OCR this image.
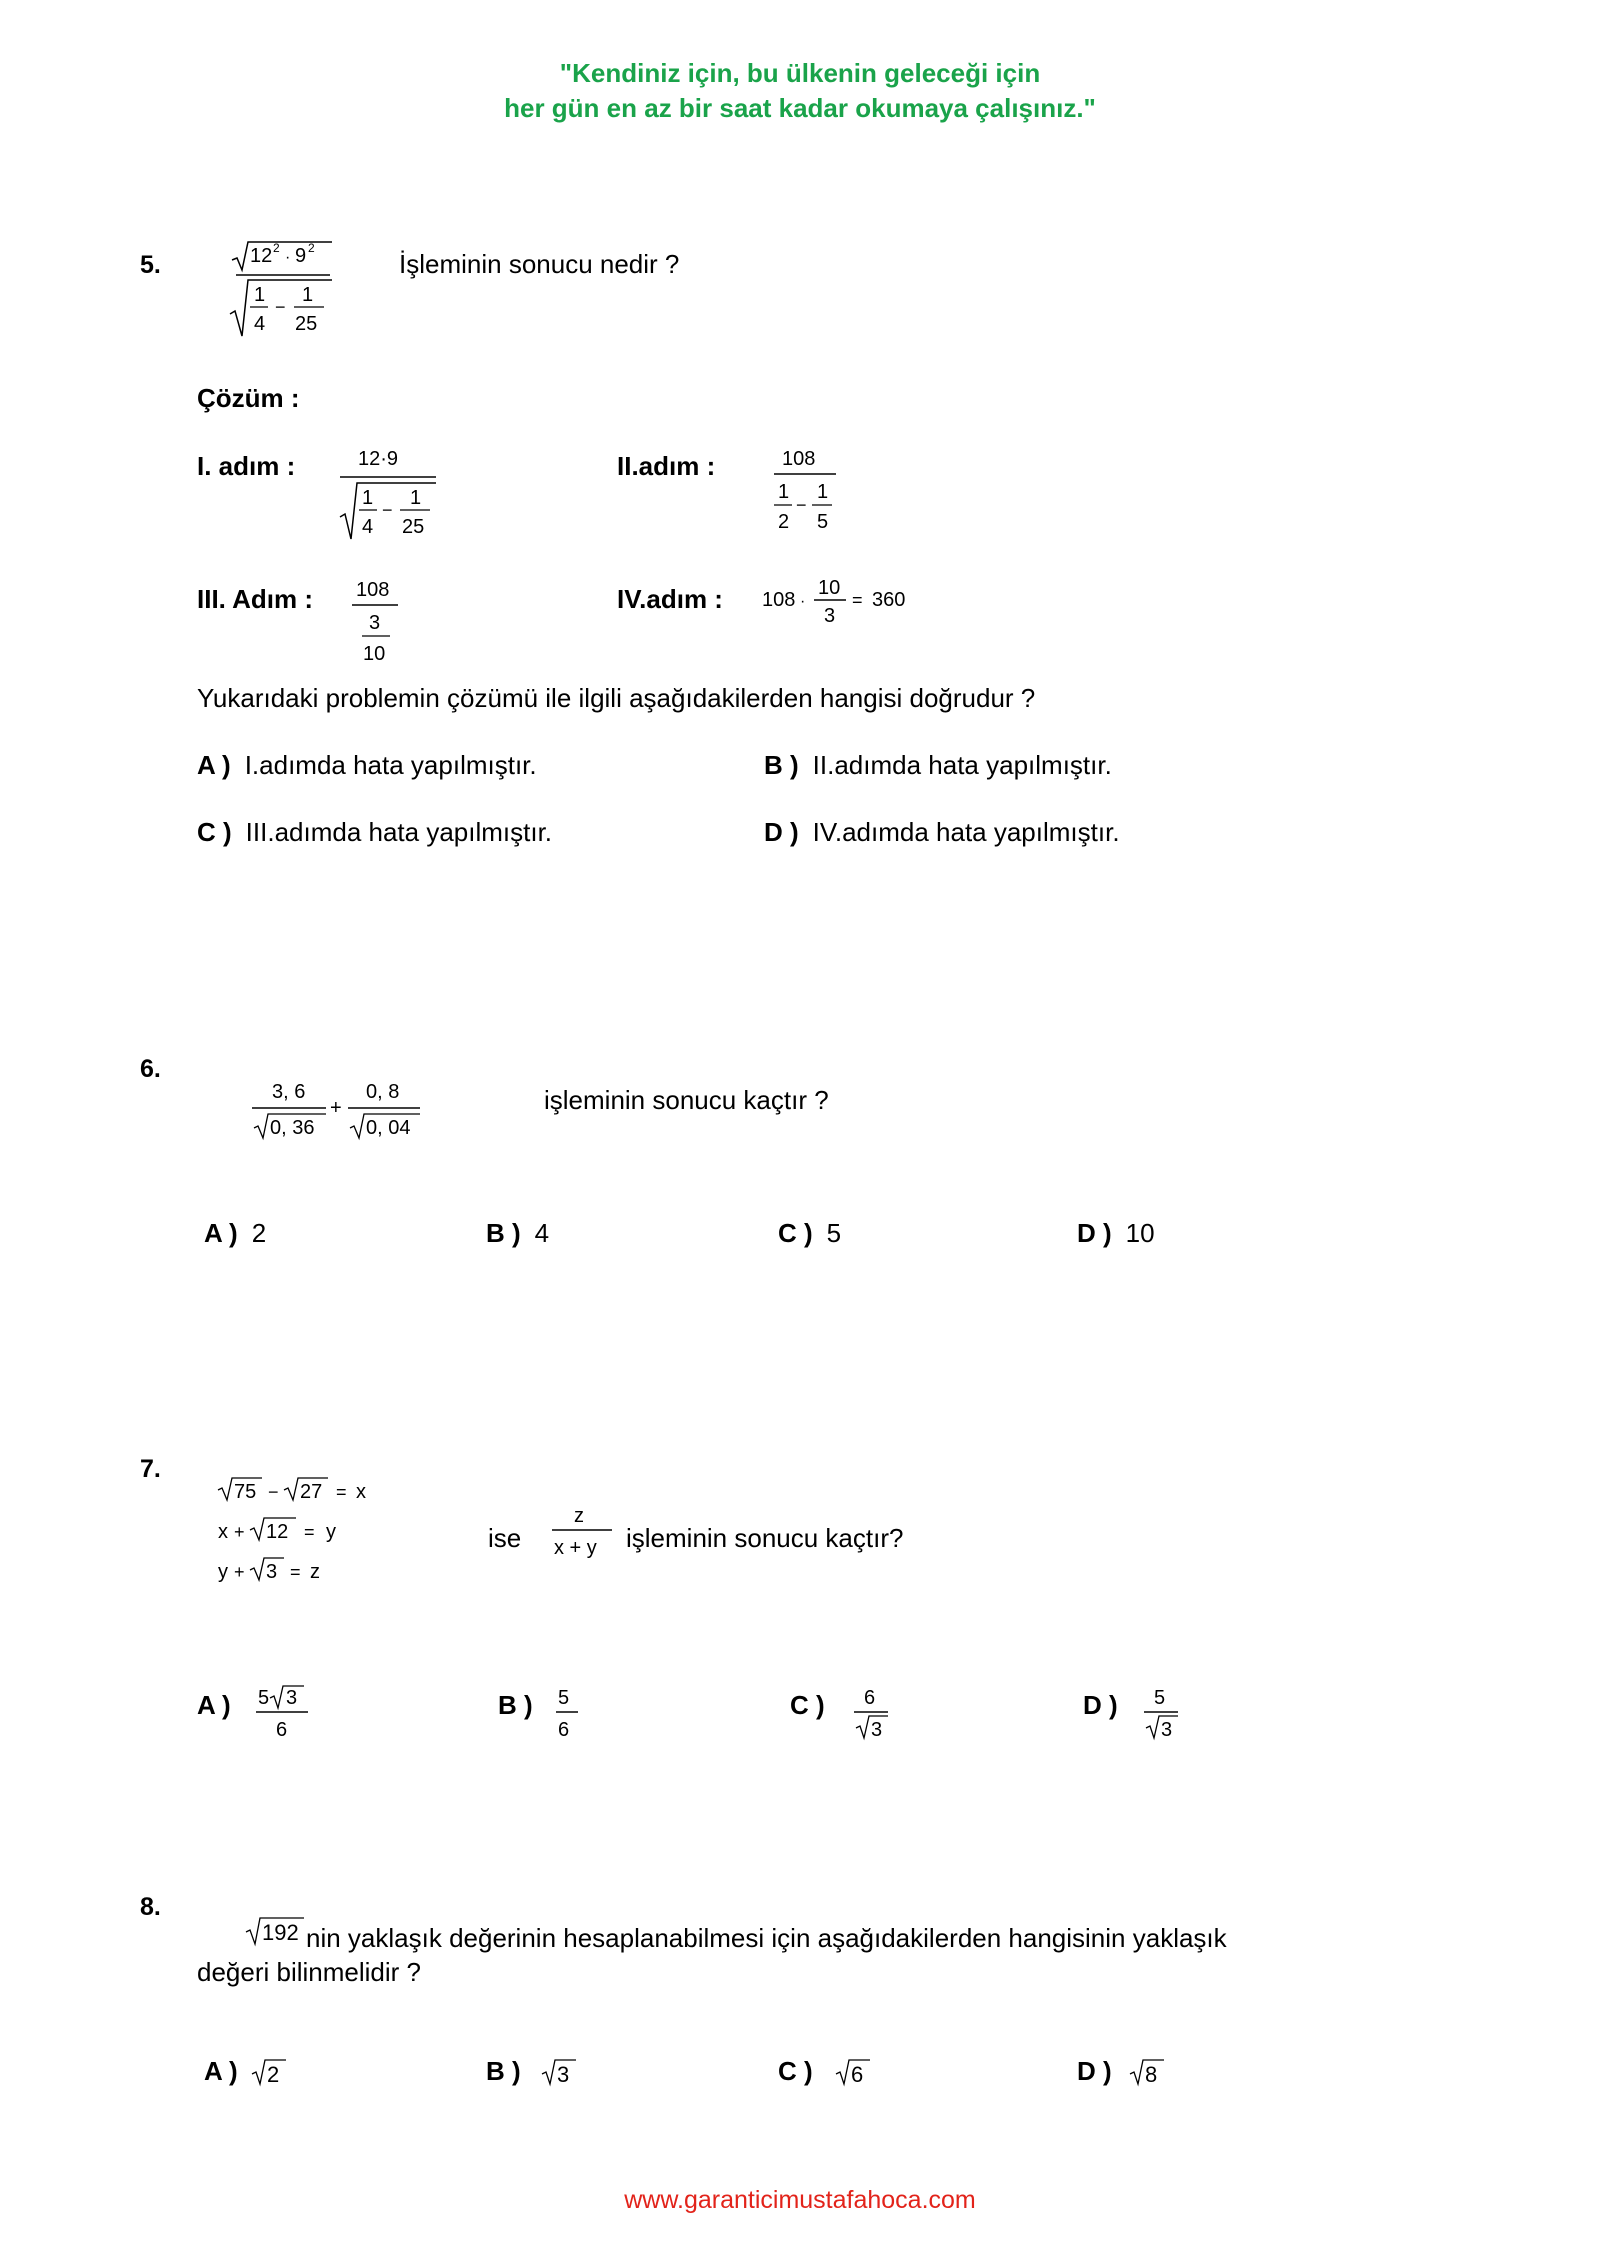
"Kendiniz için, bu ülkenin geleceği için
her gün en az bir saat kadar okumaya çalışınız."
5.	12 2
· 9 2
1
4
−
1
25
İşleminin sonucu nedir ?
Çözüm :
I. adım :	12·9
1
4
−
1
25
II.adım :	108
1
2
−
1
5
III. Adım : 108
3
10
IV.adım : 108 ·
10
3
= 360
Yukarıdaki problemin çözümü ile ilgili aşağıdakilerden hangisi doğrudur ?
A ) I.adımda hata yapılmıştır.	B ) II.adımda hata yapılmıştır.
C ) III.adımda hata yapılmıştır.	D ) IV.adımda hata yapılmıştır.
6.
3, 6
0, 36
+
0, 8
0, 04
işleminin sonucu kaçtır ?
A ) 2	B ) 4	C ) 5	D ) 10
7.
75 − 27 = x
x + 12 = y
y + 3 = z
ise
z
x + y işleminin sonucu kaçtır?
A )	5 3
6
B )	5
6
C )	6
3
D )	5
3
8.
192 nin yaklaşık değerinin hesaplanabilmesi için aşağıdakilerden hangisinin yaklaşık
değeri bilinmelidir ?
A )	2	B )	3	C )	6	D )	8
www.garanticimustafahoca.com
